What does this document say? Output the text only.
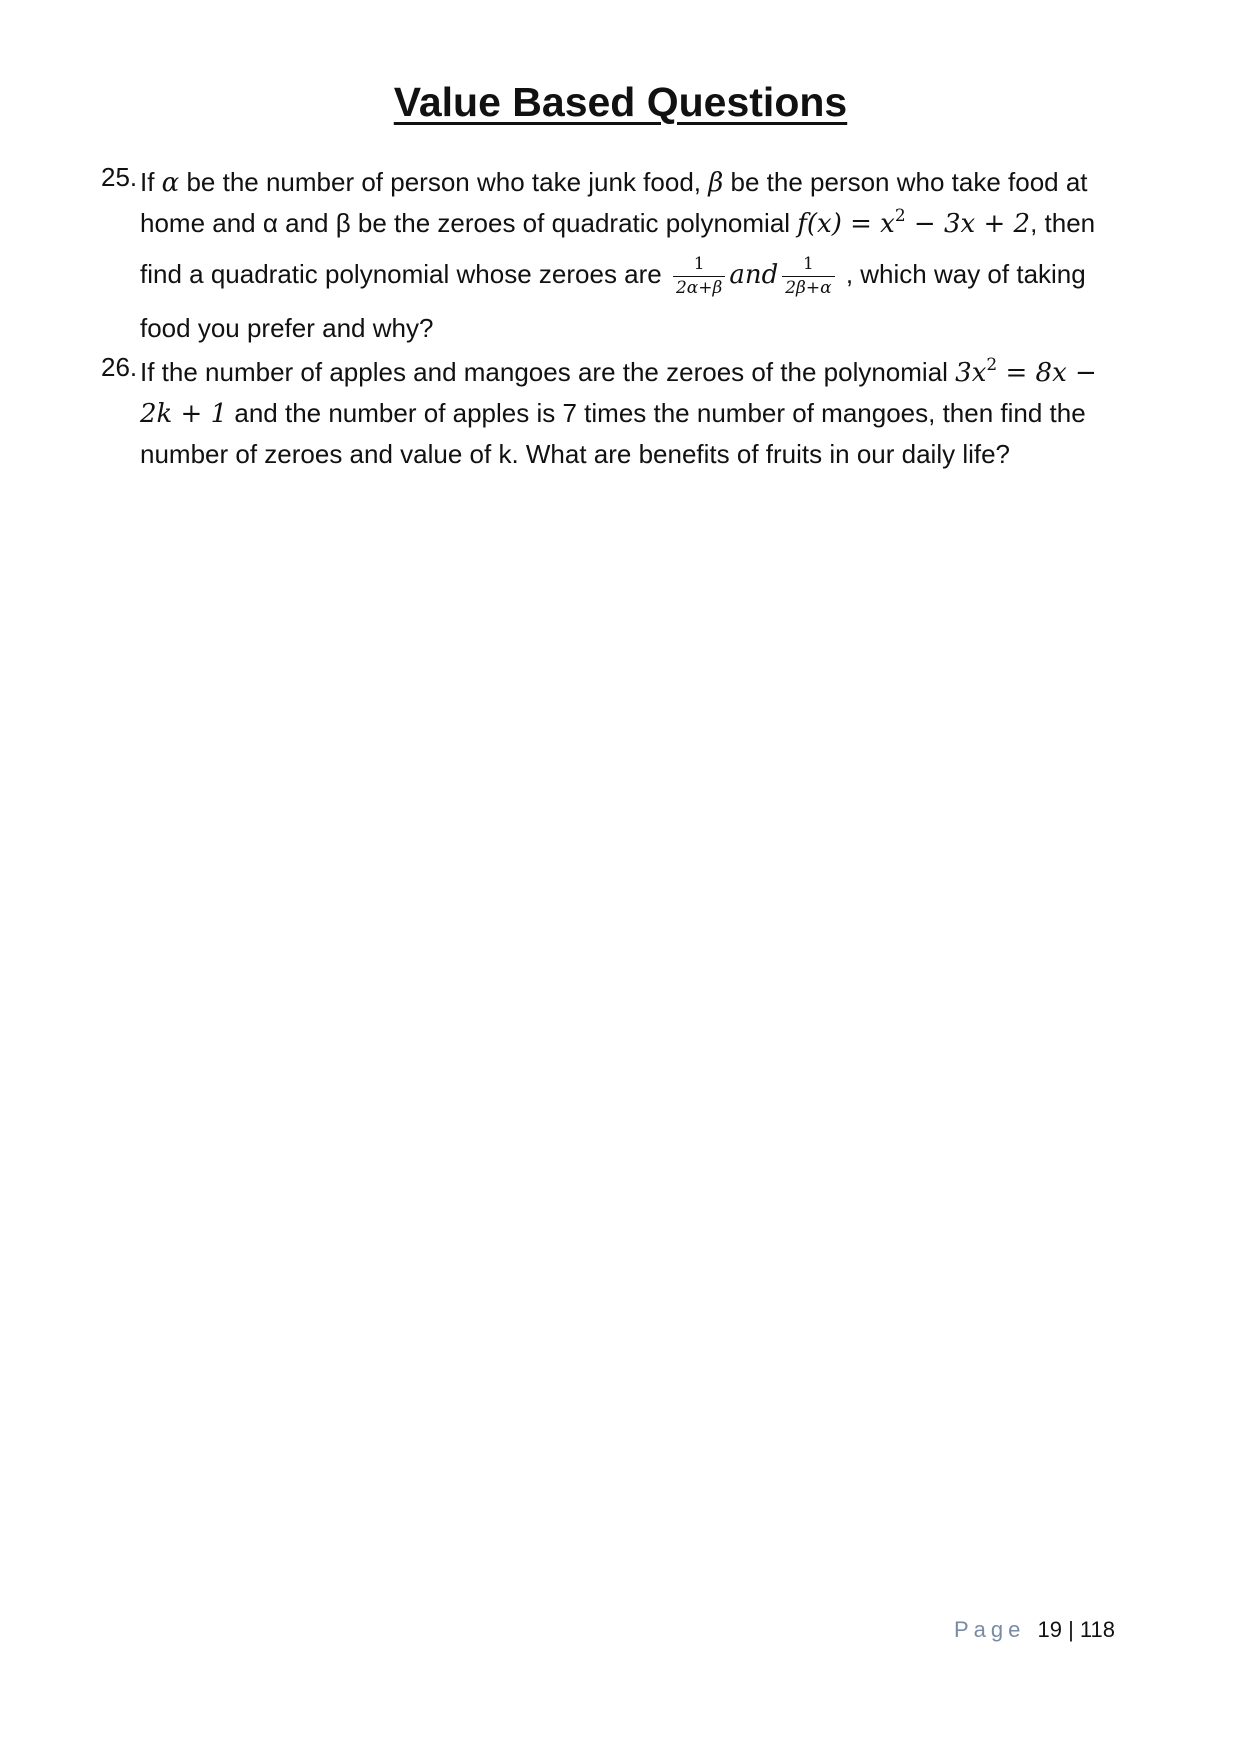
Value Based Questions
25. If α be the number of person who take junk food, β be the person who take food at
home and α and β be the zeroes of quadratic polynomial $f(x) = x^2 - 3x + 2$, then
find a quadratic polynomial whose zeroes are $\frac{1}{2\alpha+\beta}$ and $\frac{1}{2\beta+\alpha}$ , which way of taking
food you prefer and why?
26. If the number of apples and mangoes are the zeroes of the polynomial $3x^2 = 8x$ −
2k + 1 and the number of apples is 7 times the number of mangoes, then find the
number of zeroes and value of k. What are benefits of fruits in our daily life?
Page 19 | 118
